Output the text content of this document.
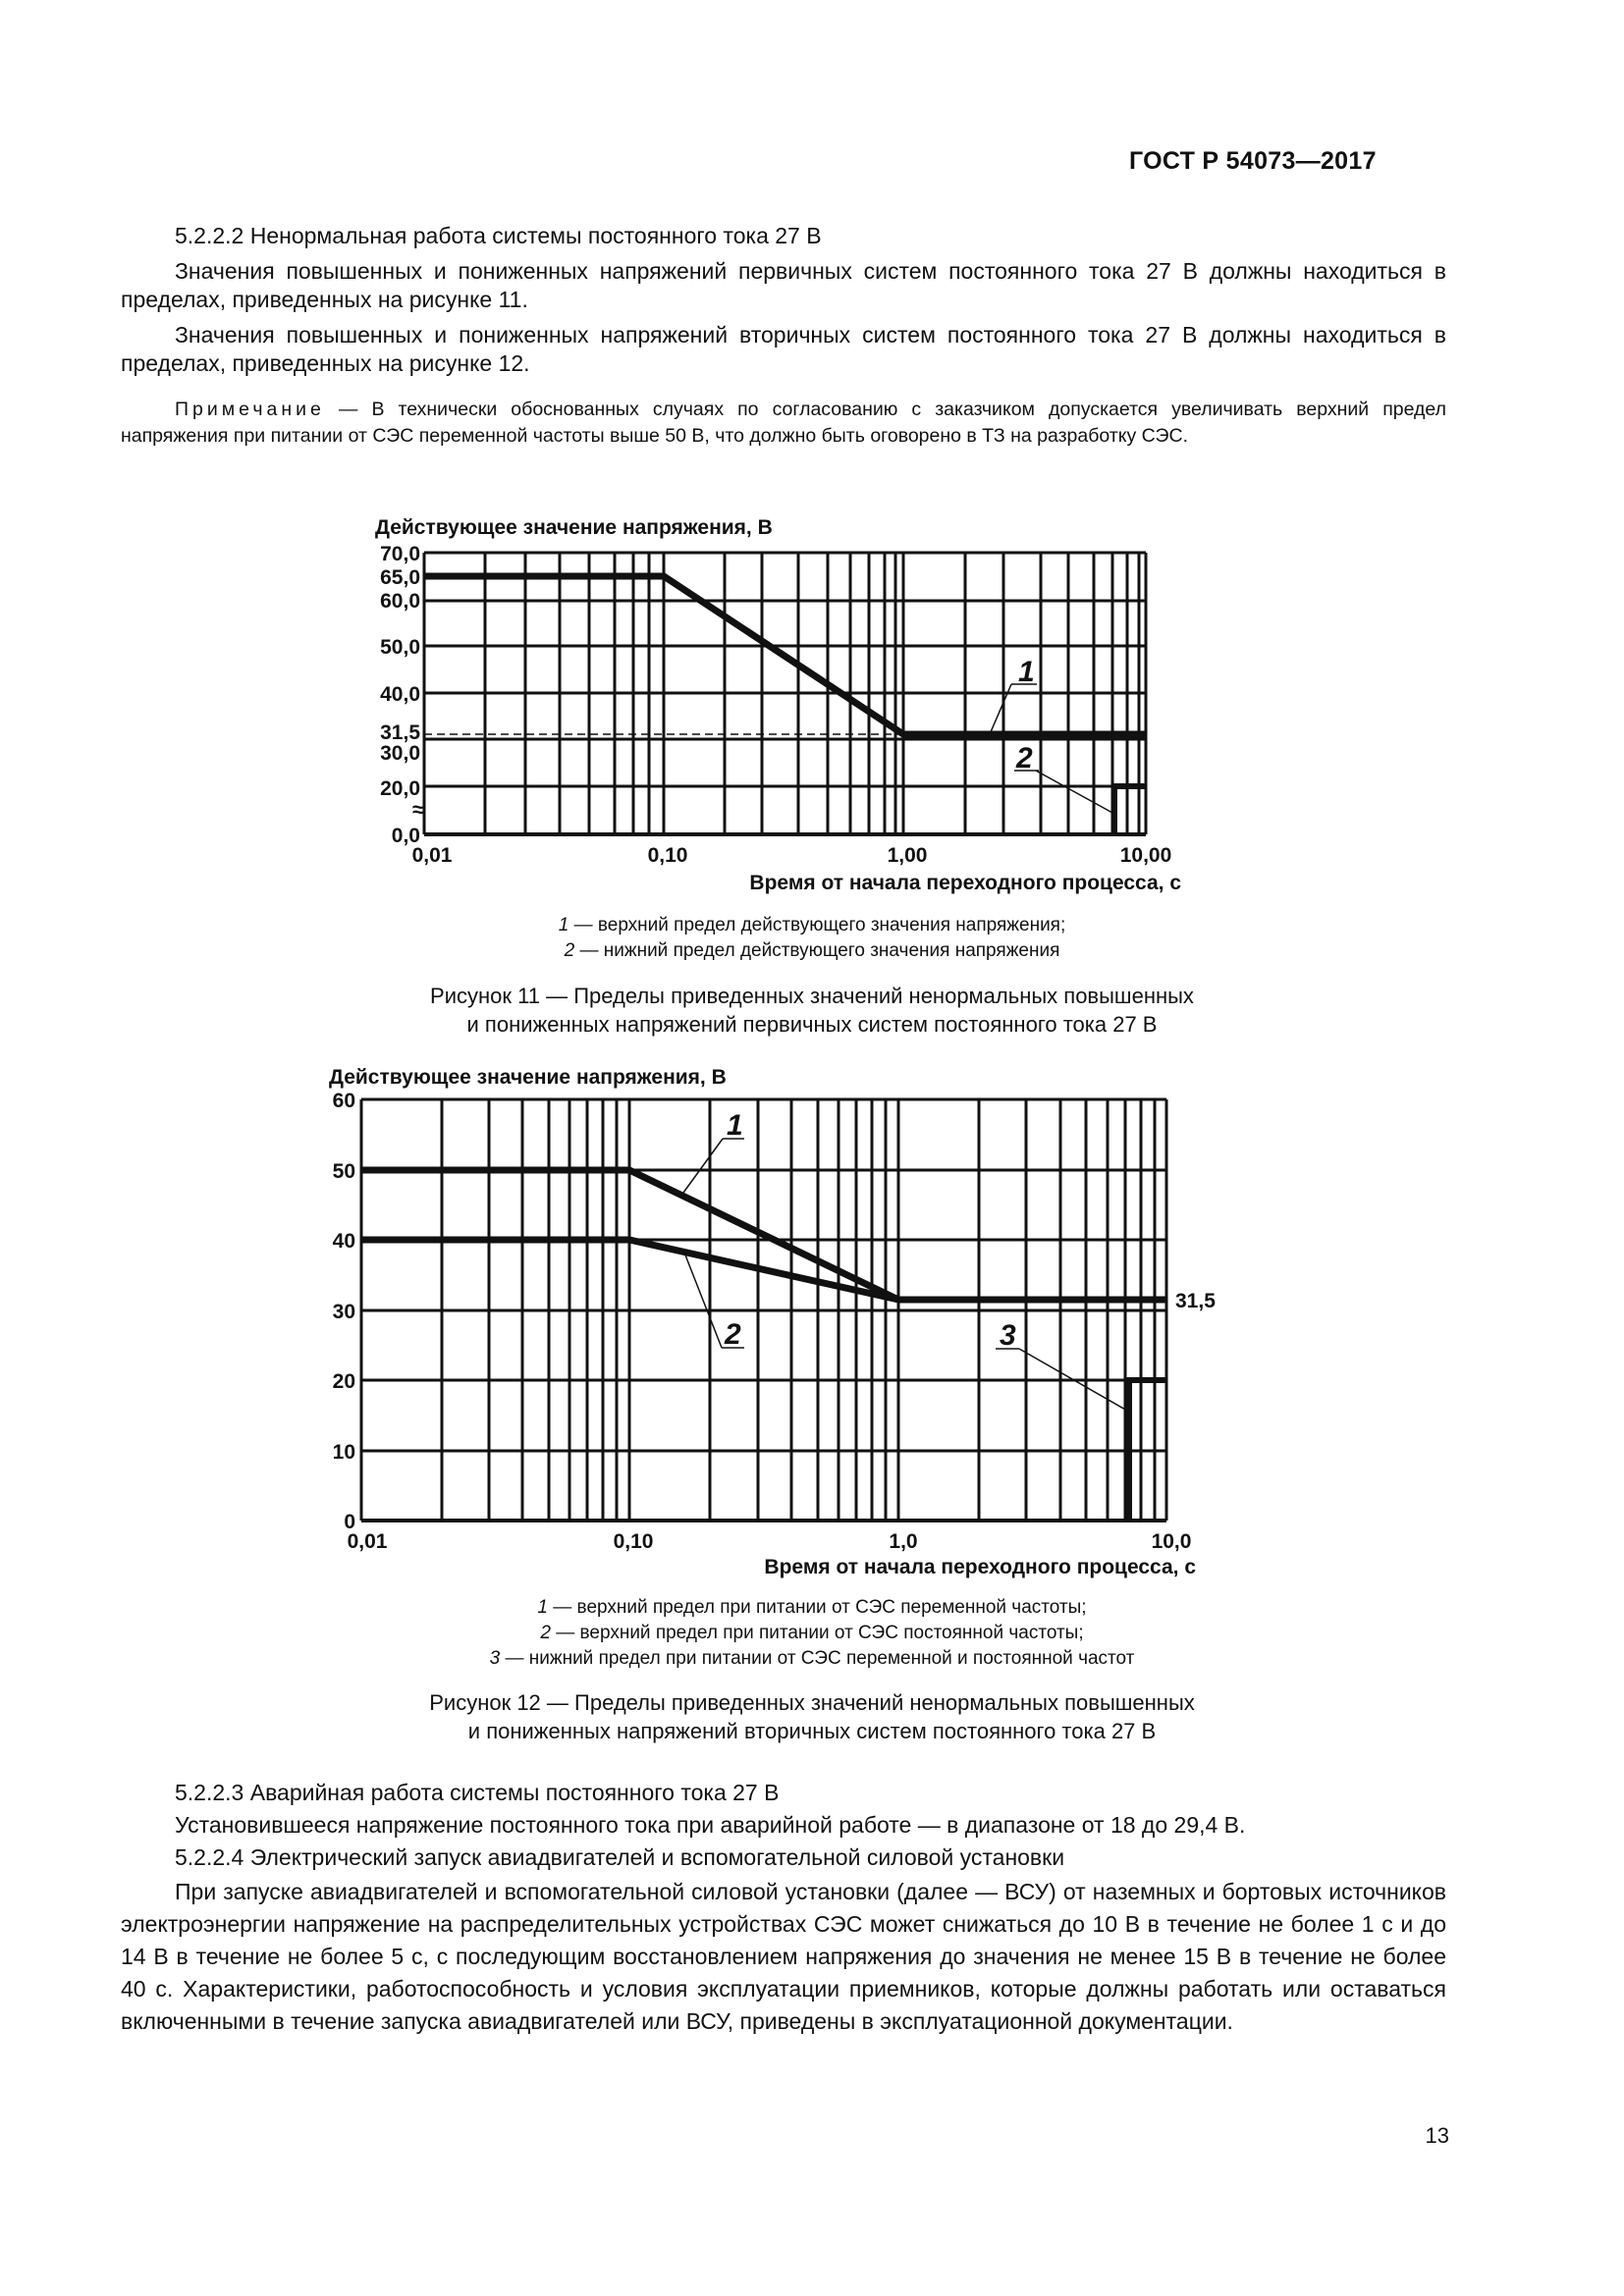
ГОСТ Р 54073—2017
5.2.2.2 Ненормальная работа системы постоянного тока 27 В
Значения повышенных и пониженных напряжений первичных систем постоянного тока 27 В должны находиться в пределах, приведенных на рисунке 11.
Значения повышенных и пониженных напряжений вторичных систем постоянного тока 27 В должны находиться в пределах, приведенных на рисунке 12.
Примечание — В технически обоснованных случаях по согласованию с заказчиком допускается увеличивать верхний предел напряжения при питании от СЭС переменной частоты выше 50 В, что должно быть оговорено в ТЗ на разработку СЭС.
Действующее значение напряжения, В
1
2
70,0
65,0
60,0
50,0
40,0
31,5
30,0
20,0
0,0
≈
0,01	0,10	1,00	10,00
Время от начала переходного процесса, с
1 — верхний предел действующего значения напряжения;
2 — нижний предел действующего значения напряжения
Рисунок 11 — Пределы приведенных значений ненормальных повышенных
и пониженных напряжений первичных систем постоянного тока 27 В
Действующее значение напряжения, В
1
2	3
31,5
60
50
40
30
20
10
0
0,01	0,10	1,0	10,0
Время от начала переходного процесса, с
1 — верхний предел при питании от СЭС переменной частоты;
2 — верхний предел при питании от СЭС постоянной частоты;
3 — нижний предел при питании от СЭС переменной и постоянной частот
Рисунок 12 — Пределы приведенных значений ненормальных повышенных
и пониженных напряжений вторичных систем постоянного тока 27 В
5.2.2.3 Аварийная работа системы постоянного тока 27 В
Установившееся напряжение постоянного тока при аварийной работе — в диапазоне от 18 до 29,4 В.
5.2.2.4 Электрический запуск авиадвигателей и вспомогательной силовой установки
При запуске авиадвигателей и вспомогательной силовой установки (далее — ВСУ) от наземных и бортовых источников электроэнергии напряжение на распределительных устройствах СЭС может снижаться до 10 В в течение не более 1 с и до 14 В в течение не более 5 с, с последующим восстановлением напряжения до значения не менее 15 В в течение не более 40 с. Характеристики, работоспособность и условия эксплуатации приемников, которые должны работать или оставаться включенными в течение запуска авиадвигателей или ВСУ, приведены в эксплуатационной документации.
13
